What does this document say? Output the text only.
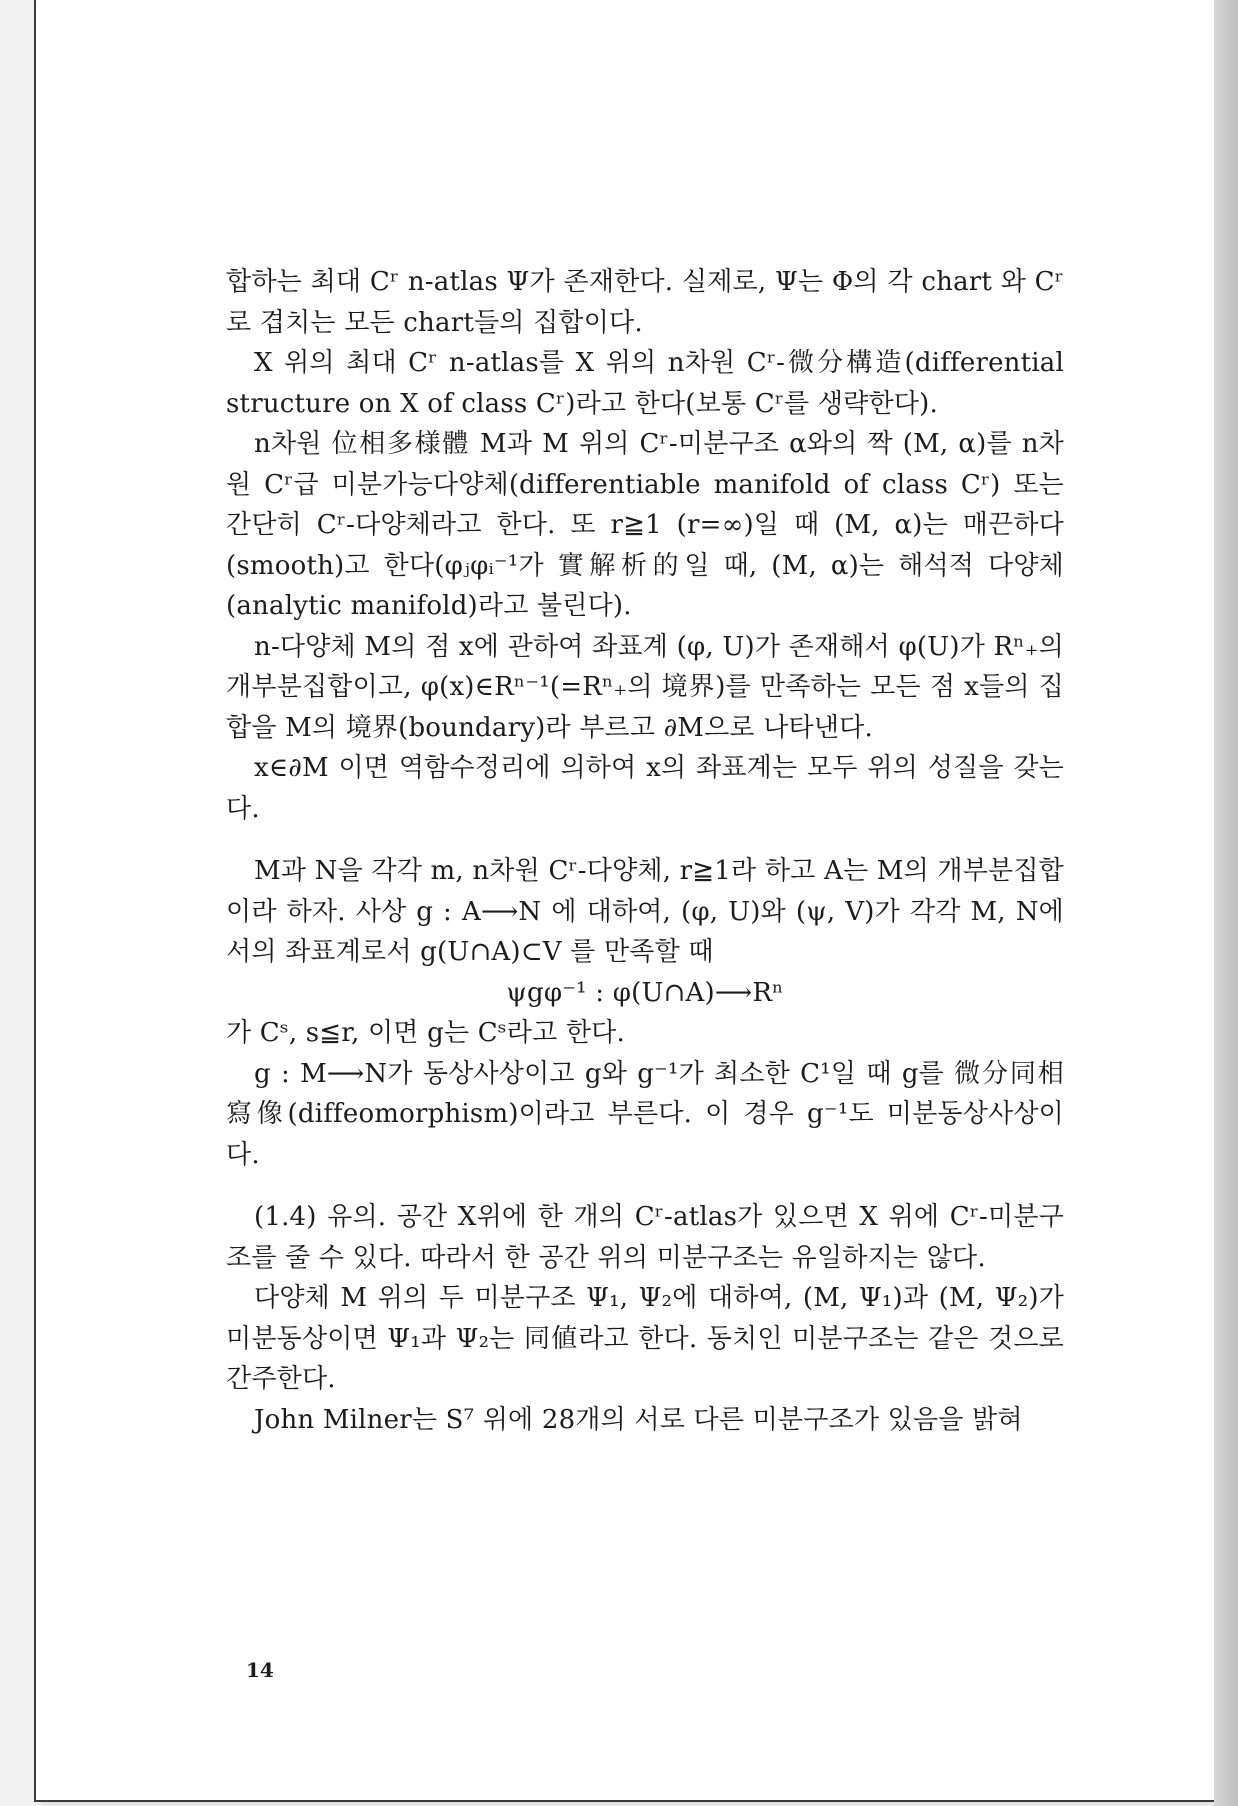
합하는 최대 Cʳ n-atlas Ψ가 존재한다. 실제로, Ψ는 Φ의 각 chart 와 Cʳ로 겹치는 모든 chart들의 집합이다.

X 위의 최대 Cʳ n-atlas를 X 위의 n차원 Cʳ-微分構造(differential structure on X of class Cʳ)라고 한다(보통 Cʳ를 생략한다).

n차원 位相多様體 M과 M 위의 Cʳ-미분구조 α와의 짝 (M, α)를 n차원 Cʳ급 미분가능다양체(differentiable manifold of class Cʳ) 또는 간단히 Cʳ-다양체라고 한다. 또 r≧1 (r=∞)일 때 (M, α)는 매끈하다 (smooth)고 한다(φⱼφᵢ⁻¹가 實解析的일 때, (M, α)는 해석적 다양체 (analytic manifold)라고 불린다).

n-다양체 M의 점 x에 관하여 좌표계 (φ, U)가 존재해서 φ(U)가 Rⁿ₊의 개부분집합이고, φ(x)∈Rⁿ⁻¹(=Rⁿ₊의 境界)를 만족하는 모든 점 x들의 집합을 M의 境界(boundary)라 부르고 ∂M으로 나타낸다.

x∈∂M 이면 역함수정리에 의하여 x의 좌표계는 모두 위의 성질을 갖는다.

M과 N을 각각 m, n차원 Cʳ-다양체, r≧1라 하고 A는 M의 개부분집합이라 하자. 사상 g : A⟶N 에 대하여, (φ, U)와 (ψ, V)가 각각 M, N에서의 좌표계로서 g(U∩A)⊂V 를 만족할 때

ψgφ⁻¹ : φ(U∩A)⟶Rⁿ

가 Cˢ, s≦r, 이면 g는 Cˢ라고 한다.

g : M⟶N가 동상사상이고 g와 g⁻¹가 최소한 C¹일 때 g를 微分同相寫像(diffeomorphism)이라고 부른다. 이 경우 g⁻¹도 미분동상사상이다.

(1.4) 유의. 공간 X위에 한 개의 Cʳ-atlas가 있으면 X 위에 Cʳ-미분구조를 줄 수 있다. 따라서 한 공간 위의 미분구조는 유일하지는 않다.

다양체 M 위의 두 미분구조 Ψ₁, Ψ₂에 대하여, (M, Ψ₁)과 (M, Ψ₂)가 미분동상이면 Ψ₁과 Ψ₂는 同値라고 한다. 동치인 미분구조는 같은 것으로 간주한다.

John Milner는 S⁷ 위에 28개의 서로 다른 미분구조가 있음을 밝혀

14
